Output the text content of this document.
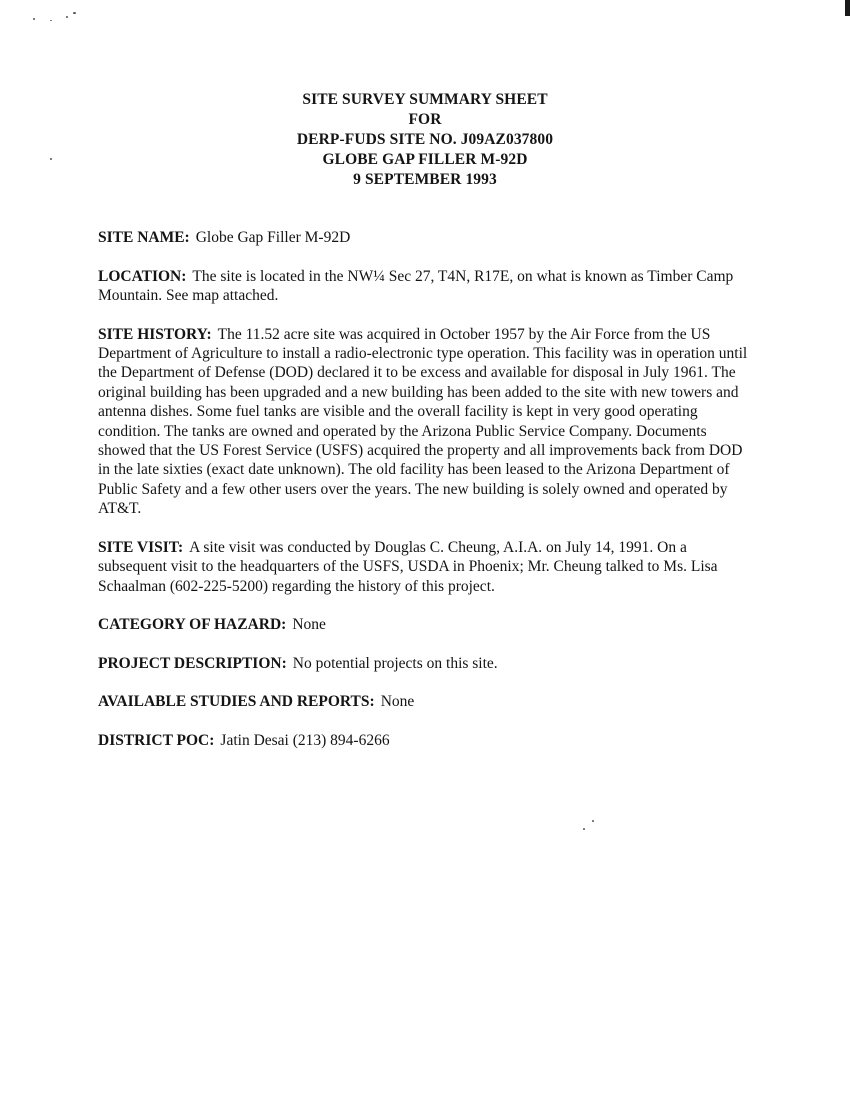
SITE SURVEY SUMMARY SHEET
FOR
DERP-FUDS SITE NO. J09AZ037800
GLOBE GAP FILLER M-92D
9 SEPTEMBER 1993

SITE NAME: Globe Gap Filler M-92D

LOCATION: The site is located in the NW¼ Sec 27, T4N, R17E, on what is known as Timber Camp Mountain. See map attached.

SITE HISTORY: The 11.52 acre site was acquired in October 1957 by the Air Force from the US Department of Agriculture to install a radio-electronic type operation. This facility was in operation until the Department of Defense (DOD) declared it to be excess and available for disposal in July 1961. The original building has been upgraded and a new building has been added to the site with new towers and antenna dishes. Some fuel tanks are visible and the overall facility is kept in very good operating condition. The tanks are owned and operated by the Arizona Public Service Company. Documents showed that the US Forest Service (USFS) acquired the property and all improvements back from DOD in the late sixties (exact date unknown). The old facility has been leased to the Arizona Department of Public Safety and a few other users over the years. The new building is solely owned and operated by AT&T.

SITE VISIT: A site visit was conducted by Douglas C. Cheung, A.I.A. on July 14, 1991. On a subsequent visit to the headquarters of the USFS, USDA in Phoenix; Mr. Cheung talked to Ms. Lisa Schaalman (602-225-5200) regarding the history of this project.

CATEGORY OF HAZARD: None

PROJECT DESCRIPTION: No potential projects on this site.

AVAILABLE STUDIES AND REPORTS: None

DISTRICT POC: Jatin Desai (213) 894-6266
